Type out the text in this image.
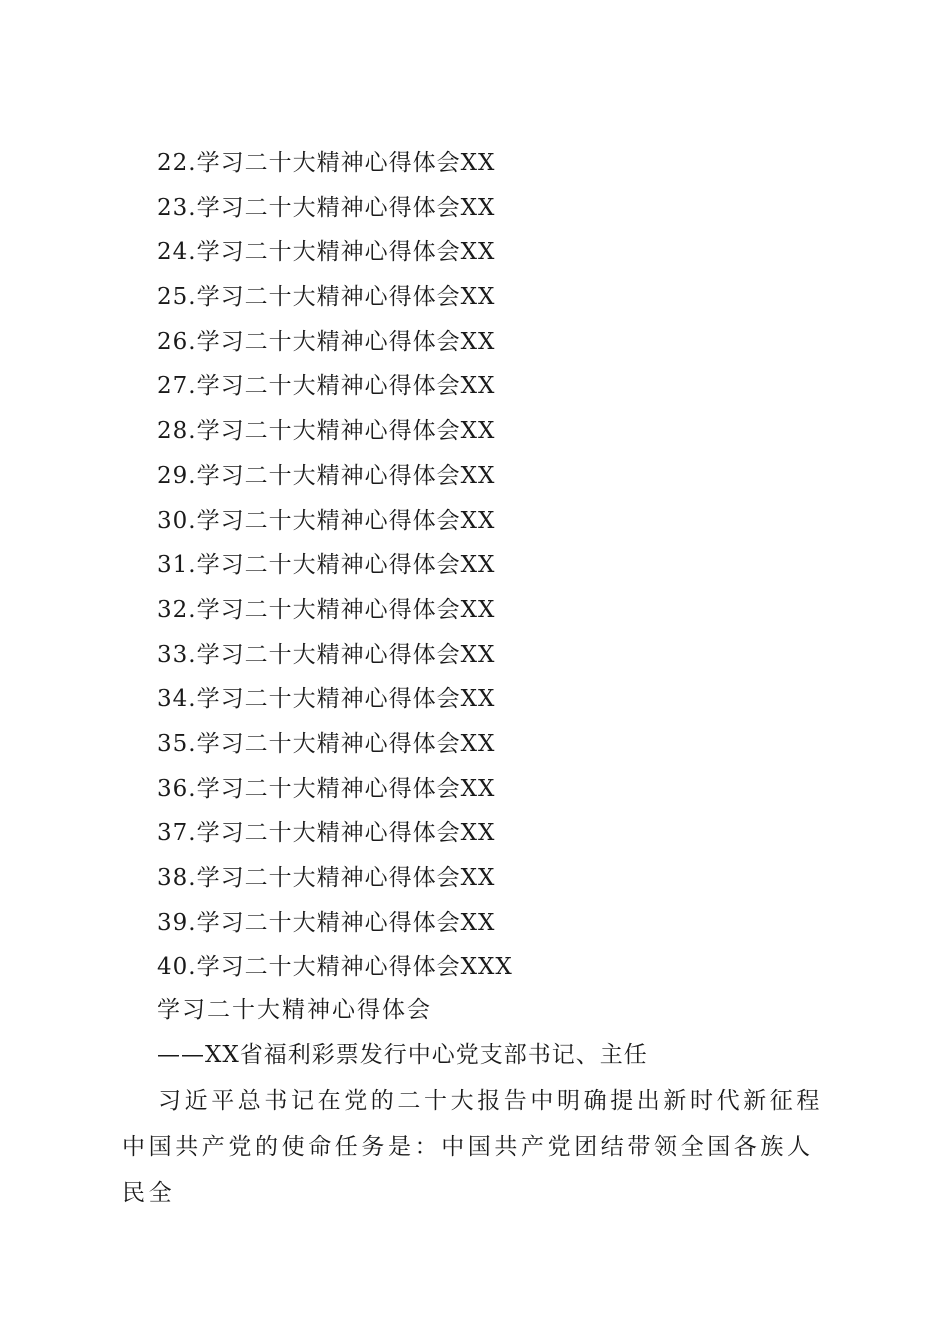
22.学习二十大精神心得体会XX
23.学习二十大精神心得体会XX
24.学习二十大精神心得体会XX
25.学习二十大精神心得体会XX
26.学习二十大精神心得体会XX
27.学习二十大精神心得体会XX
28.学习二十大精神心得体会XX
29.学习二十大精神心得体会XX
30.学习二十大精神心得体会XX
31.学习二十大精神心得体会XX
32.学习二十大精神心得体会XX
33.学习二十大精神心得体会XX
34.学习二十大精神心得体会XX
35.学习二十大精神心得体会XX
36.学习二十大精神心得体会XX
37.学习二十大精神心得体会XX
38.学习二十大精神心得体会XX
39.学习二十大精神心得体会XX
40.学习二十大精神心得体会XXX
学习二十大精神心得体会
——XX省福利彩票发行中心党支部书记、主任

习近平总书记在党的二十大报告中明确提出新时代新征程中国共产党的使命任务是：中国共产党团结带领全国各族人民全
